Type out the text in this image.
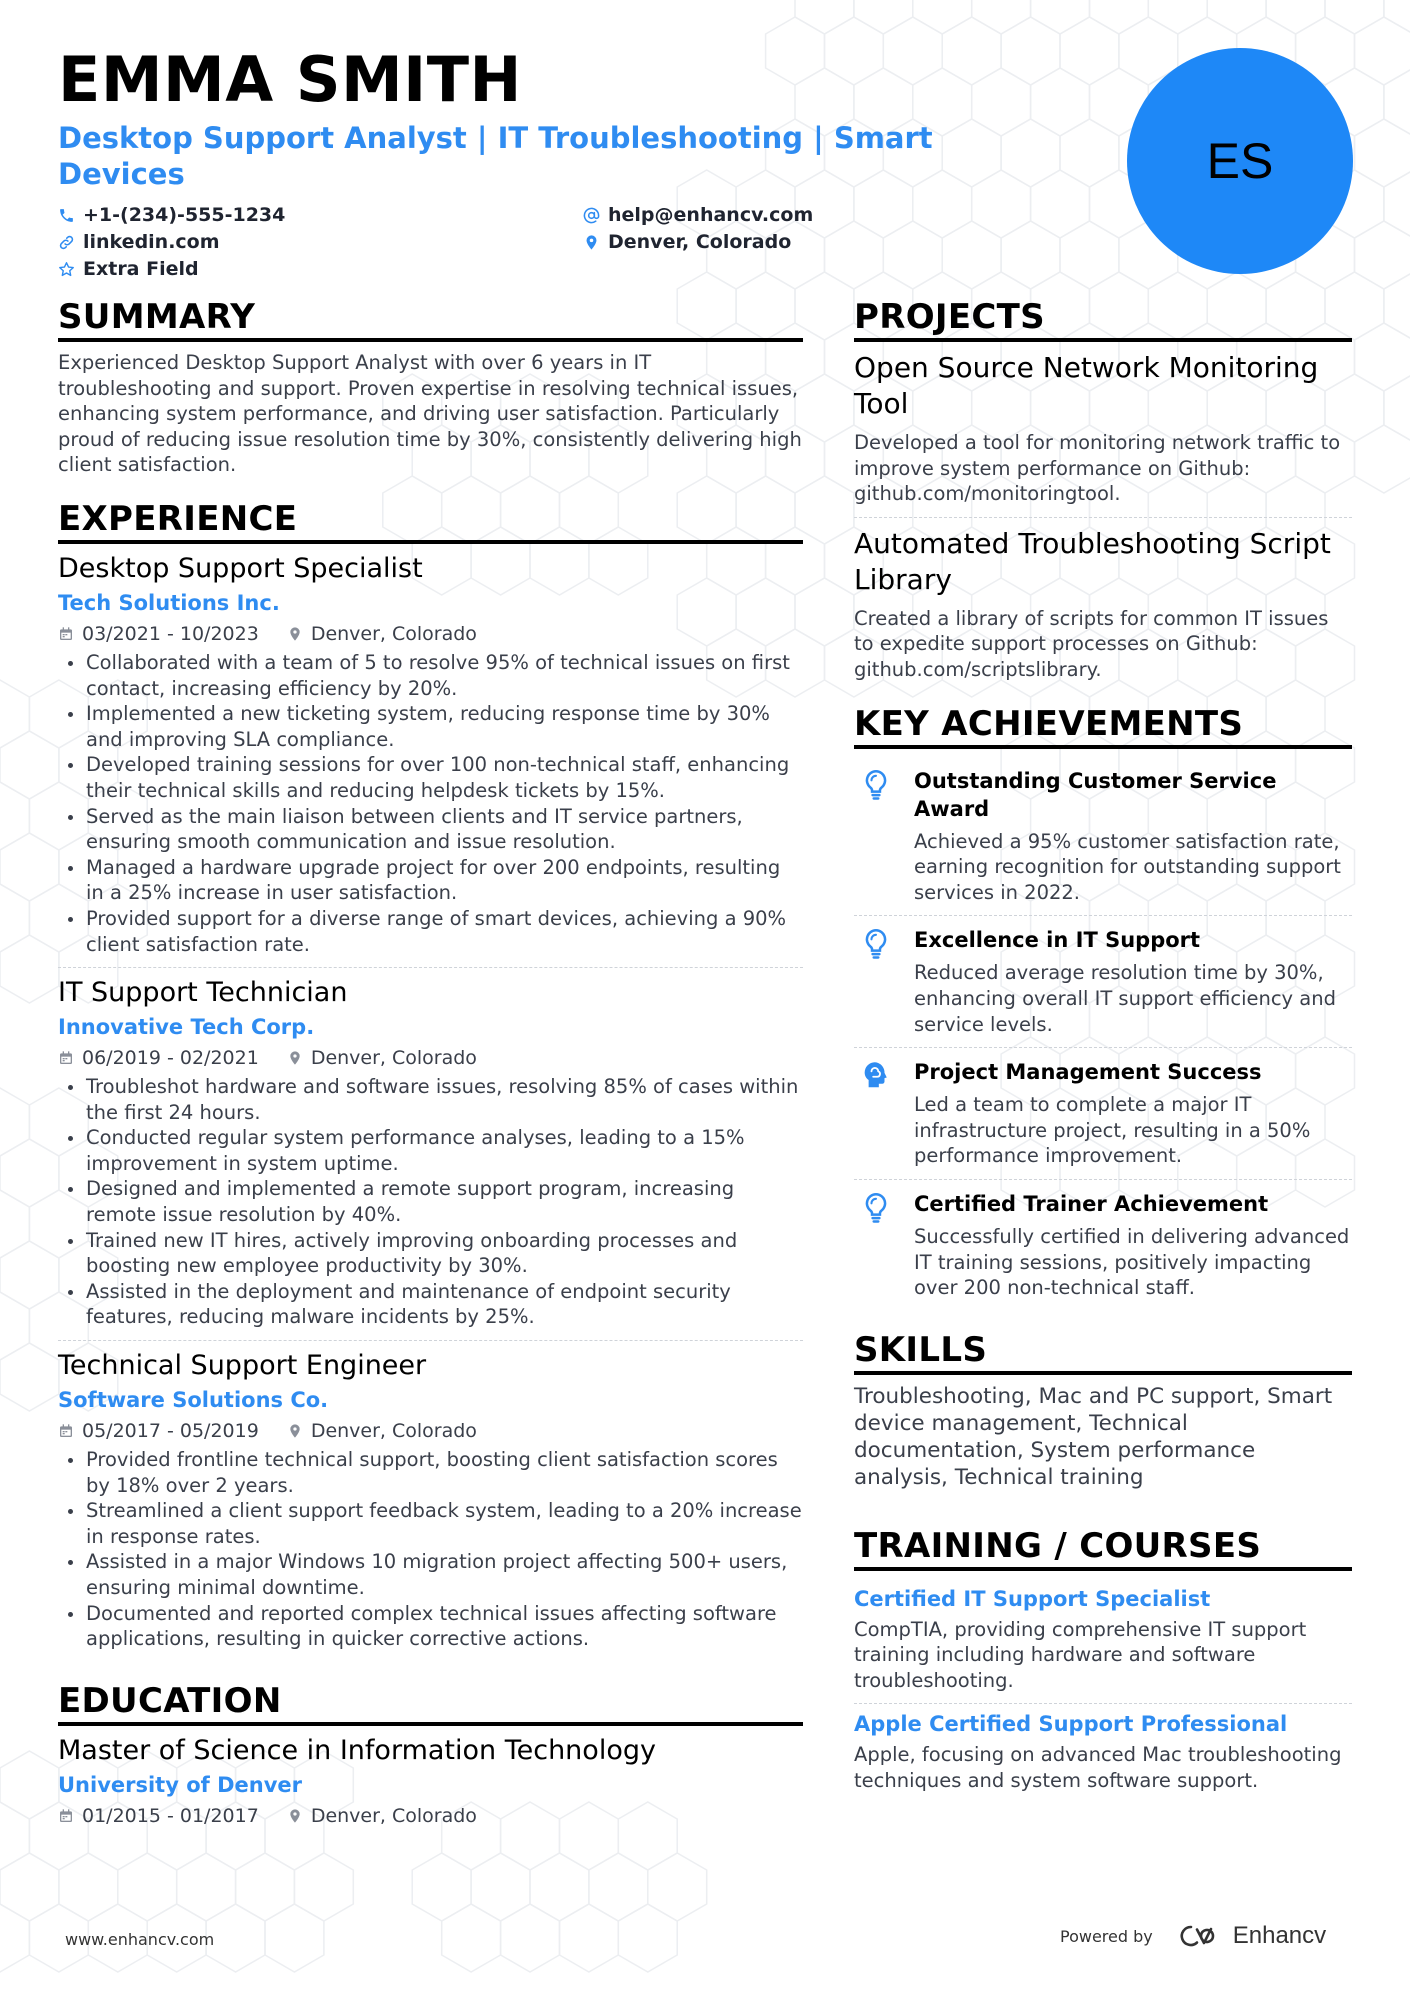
EMMA SMITH
Desktop Support Analyst | IT Troubleshooting | Smart Devices
+1-(234)-555-1234	help@enhancv.com
linkedin.com	Denver, Colorado
Extra Field
ES
SUMMARY
Experienced Desktop Support Analyst with over 6 years in IT troubleshooting and support. Proven expertise in resolving technical issues, enhancing system performance, and driving user satisfaction. Particularly proud of reducing issue resolution time by 30%, consistently delivering high client satisfaction.
EXPERIENCE
Desktop Support Specialist
Tech Solutions Inc.
03/2021 - 10/2023	Denver, Colorado
Collaborated with a team of 5 to resolve 95% of technical issues on first contact, increasing efficiency by 20%.
Implemented a new ticketing system, reducing response time by 30% and improving SLA compliance.
Developed training sessions for over 100 non-technical staff, enhancing their technical skills and reducing helpdesk tickets by 15%.
Served as the main liaison between clients and IT service partners, ensuring smooth communication and issue resolution.
Managed a hardware upgrade project for over 200 endpoints, resulting in a 25% increase in user satisfaction.
Provided support for a diverse range of smart devices, achieving a 90% client satisfaction rate.
IT Support Technician
Innovative Tech Corp.
06/2019 - 02/2021	Denver, Colorado
Troubleshot hardware and software issues, resolving 85% of cases within the first 24 hours.
Conducted regular system performance analyses, leading to a 15% improvement in system uptime.
Designed and implemented a remote support program, increasing remote issue resolution by 40%.
Trained new IT hires, actively improving onboarding processes and boosting new employee productivity by 30%.
Assisted in the deployment and maintenance of endpoint security features, reducing malware incidents by 25%.
Technical Support Engineer
Software Solutions Co.
05/2017 - 05/2019	Denver, Colorado
Provided frontline technical support, boosting client satisfaction scores by 18% over 2 years.
Streamlined a client support feedback system, leading to a 20% increase in response rates.
Assisted in a major Windows 10 migration project affecting 500+ users, ensuring minimal downtime.
Documented and reported complex technical issues affecting software applications, resulting in quicker corrective actions.
EDUCATION
Master of Science in Information Technology
University of Denver
01/2015 - 01/2017	Denver, Colorado
PROJECTS
Open Source Network Monitoring Tool
Developed a tool for monitoring network traffic to improve system performance on Github: github.com/monitoringtool.
Automated Troubleshooting Script Library
Created a library of scripts for common IT issues to expedite support processes on Github: github.com/scriptslibrary.
KEY ACHIEVEMENTS
Outstanding Customer Service Award
Achieved a 95% customer satisfaction rate, earning recognition for outstanding support services in 2022.
Excellence in IT Support
Reduced average resolution time by 30%, enhancing overall IT support efficiency and service levels.
Project Management Success
Led a team to complete a major IT infrastructure project, resulting in a 50% performance improvement.
Certified Trainer Achievement
Successfully certified in delivering advanced IT training sessions, positively impacting over 200 non-technical staff.
SKILLS
Troubleshooting, Mac and PC support, Smart device management, Technical documentation, System performance analysis, Technical training
TRAINING / COURSES
Certified IT Support Specialist
CompTIA, providing comprehensive IT support training including hardware and software troubleshooting.
Apple Certified Support Professional
Apple, focusing on advanced Mac troubleshooting techniques and system software support.
www.enhancv.com	Powered by	Enhancv
